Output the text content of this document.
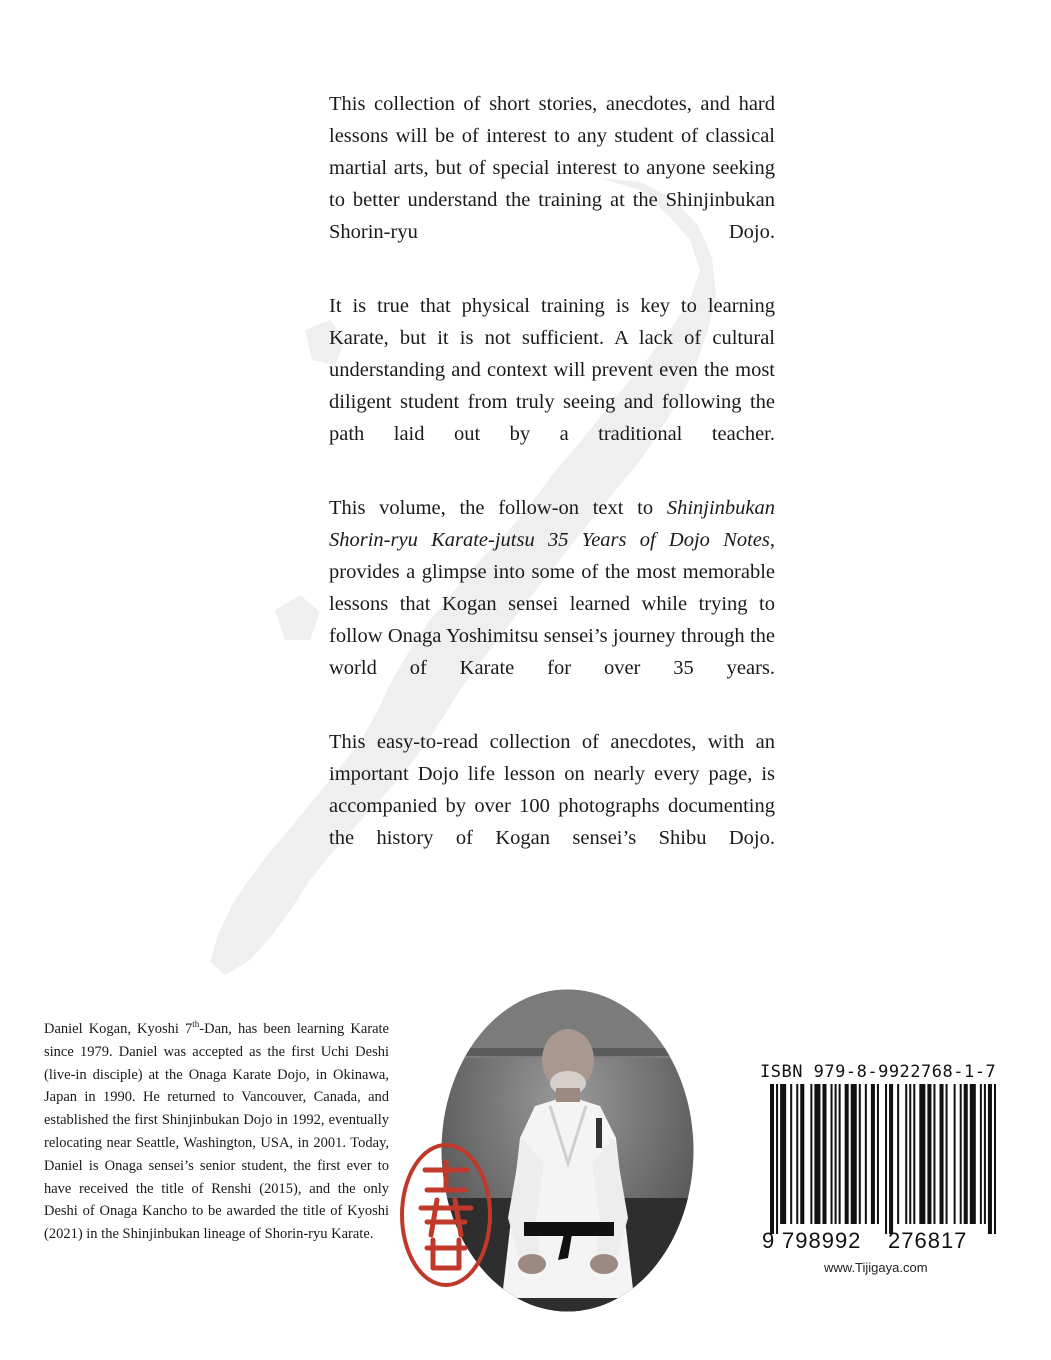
This collection of short stories, anecdotes, and hard lessons will be of interest to any student of classical martial arts, but of special interest to anyone seeking to better understand the training at the Shinjinbukan Shorin-ryu Dojo.

It is true that physical training is key to learning Karate, but it is not sufficient. A lack of cultural understanding and context will prevent even the most diligent student from truly seeing and following the path laid out by a traditional teacher.

This volume, the follow-on text to Shinjinbukan Shorin-ryu Karate-jutsu 35 Years of Dojo Notes, provides a glimpse into some of the most memorable lessons that Kogan sensei learned while trying to follow Onaga Yoshimitsu sensei’s journey through the world of Karate for over 35 years.

This easy-to-read collection of anecdotes, with an important Dojo life lesson on nearly every page, is accompanied by over 100 photographs documenting the history of Kogan sensei’s Shibu Dojo.

Daniel Kogan, Kyoshi 7th-Dan, has been learning Karate since 1979. Daniel was accepted as the first Uchi Deshi (live-in disciple) at the Onaga Karate Dojo, in Okinawa, Japan in 1990. He returned to Vancouver, Canada, and established the first Shinjinbukan Dojo in 1992, eventually relocating near Seattle, Washington, USA, in 2001. Today, Daniel is Onaga sensei’s senior student, the first ever to have received the title of Renshi (2015), and the only Deshi of Onaga Kancho to be awarded the title of Kyoshi (2021) in the Shinjinbukan lineage of Shorin-ryu Karate.
ISBN 979-8-9922768-1-7
9 798992 276817
www.Tijigaya.com
